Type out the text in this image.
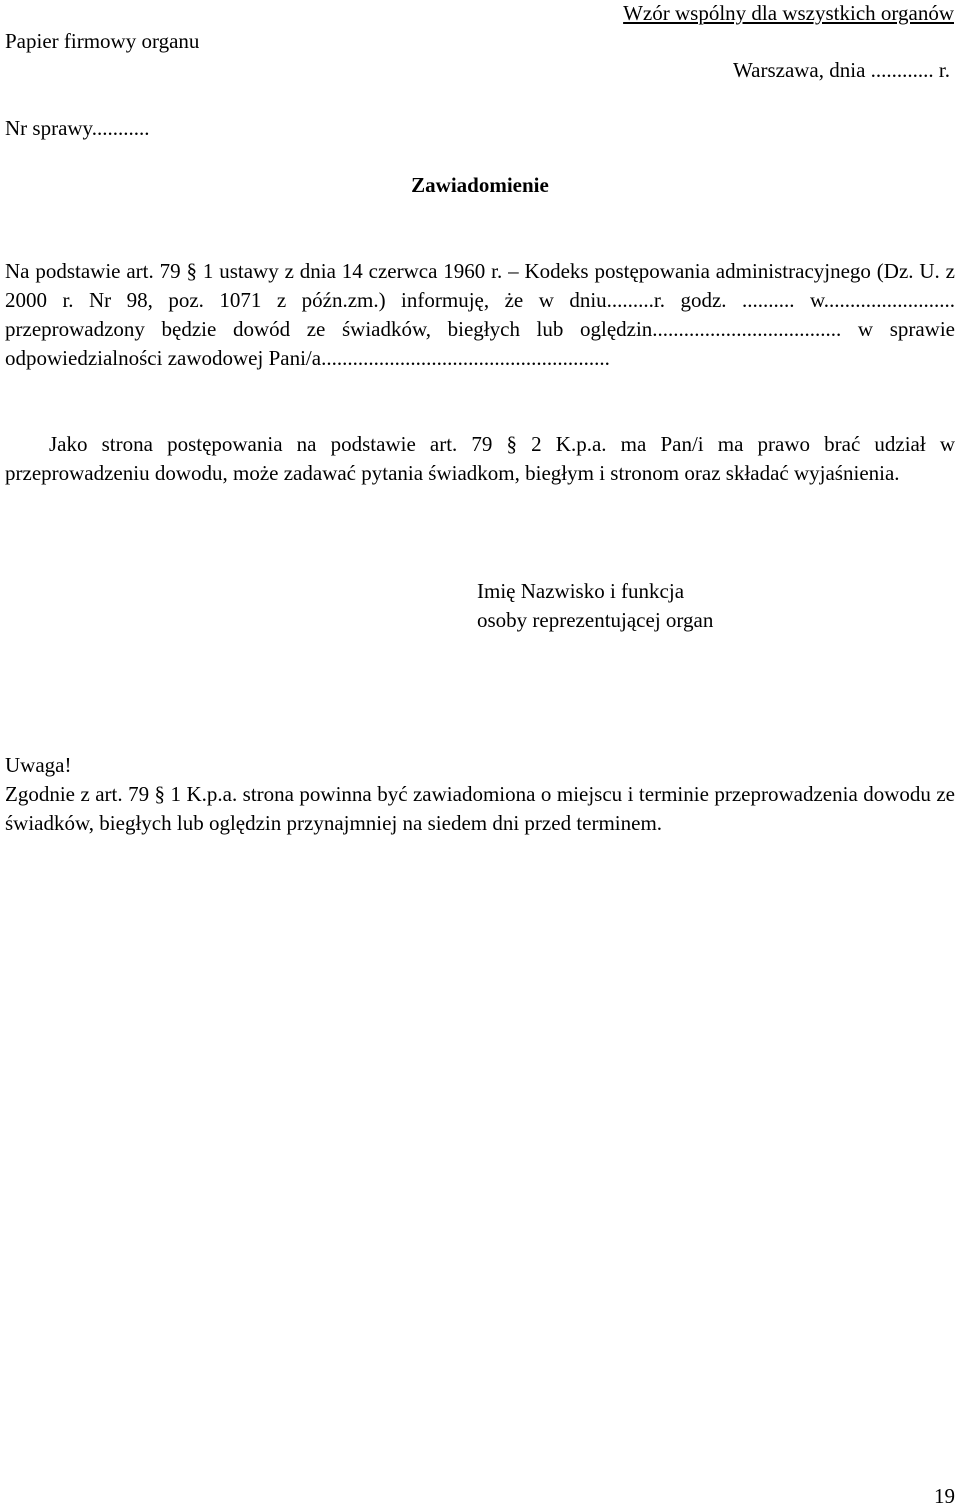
Wzór wspólny dla wszystkich organów
Papier firmowy organu
Warszawa, dnia ............ r.
Nr sprawy...........
Zawiadomienie
Na podstawie art. 79 § 1 ustawy z dnia 14 czerwca 1960 r. – Kodeks postępowania administracyjnego (Dz. U. z 2000 r. Nr 98, poz. 1071 z późn.zm.) informuję, że w dniu.........r. godz. .......... w......................... przeprowadzony będzie dowód ze świadków, biegłych lub oględzin.................................... w sprawie odpowiedzialności zawodowej Pani/a.......................................................
Jako strona postępowania na podstawie art. 79 § 2 K.p.a. ma Pan/i ma prawo brać udział w przeprowadzeniu dowodu, może zadawać pytania świadkom, biegłym i stronom oraz składać wyjaśnienia.
Imię Nazwisko i funkcja
osoby reprezentującej organ
Uwaga!
Zgodnie z art. 79 § 1 K.p.a. strona powinna być zawiadomiona o miejscu i terminie przeprowadzenia dowodu ze świadków, biegłych lub oględzin przynajmniej na siedem dni przed terminem.
19
